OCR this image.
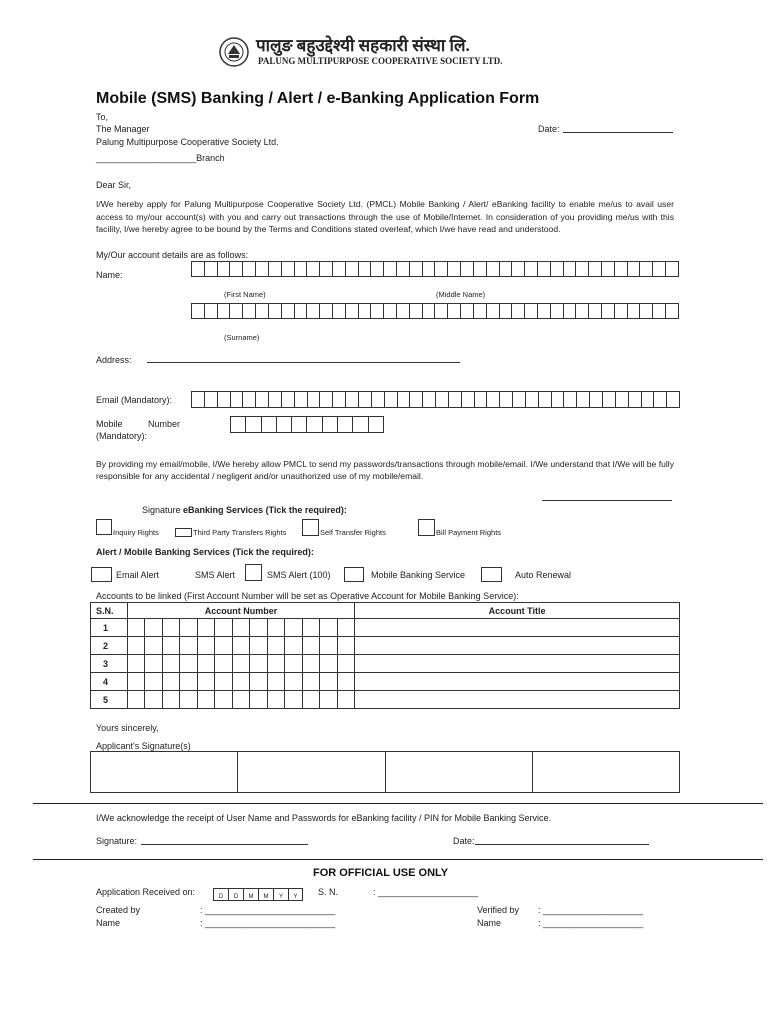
पालुङ बहुउद्देश्यी सहकारी संस्था लि.
PALUNG MULTIPURPOSE COOPERATIVE SOCIETY LTD.
Mobile (SMS) Banking / Alert / e-Banking Application Form
To,
The Manager
Palung Multipurpose Cooperative Society Ltd.
Date:
____________________Branch
Dear Sir,
I/We hereby apply for Palung Multipurpose Cooperative Society Ltd. (PMCL) Mobile Banking / Alert/ eBanking facility to enable me/us to avail user access to my/our account(s) with you and carry out transactions through the use of Mobile/Internet. In consideration of you providing me/us with this facility, I/we hereby agree to be bound by the Terms and Conditions stated overleaf, which I/we have read and understood.
My/Our account details are as follows:
Name:
(First Name)	(Middle Name)
(Surname)
Address:
Email (Mandatory):
Mobile	Number
(Mandatory):
By providing my email/mobile, I/We hereby allow PMCL to send my passwords/transactions through mobile/email. I/We understand that I/We will be fully responsible for any accidental / negligent and/or unauthorized use of my mobile/email.
Signature eBanking Services (Tick the required):
Inquiry Rights	Third Party Transfers Rights	Self Transfer Rights	Bill Payment Rights
Alert / Mobile Banking Services (Tick the required):
Email Alert	SMS Alert	SMS Alert (100)	Mobile Banking Service	Auto Renewal
Accounts to be linked (First Account Number will be set as Operative Account for Mobile Banking Service):
S.N.	Account Number													Account Title
1														
2														
3														
4														
5														
Yours sincerely,
Applicant's Signature(s)

I/We acknowledge the receipt of User Name and Passwords for eBanking facility / PIN for Mobile Banking Service.
Signature:	Date:
FOR OFFICIAL USE ONLY
Application Received on:	D	D	M	M	Y	Y	S. N.	: ____________________
Created by	: __________________________
Name	: __________________________
Verified by : ____________________
Name	: ____________________
